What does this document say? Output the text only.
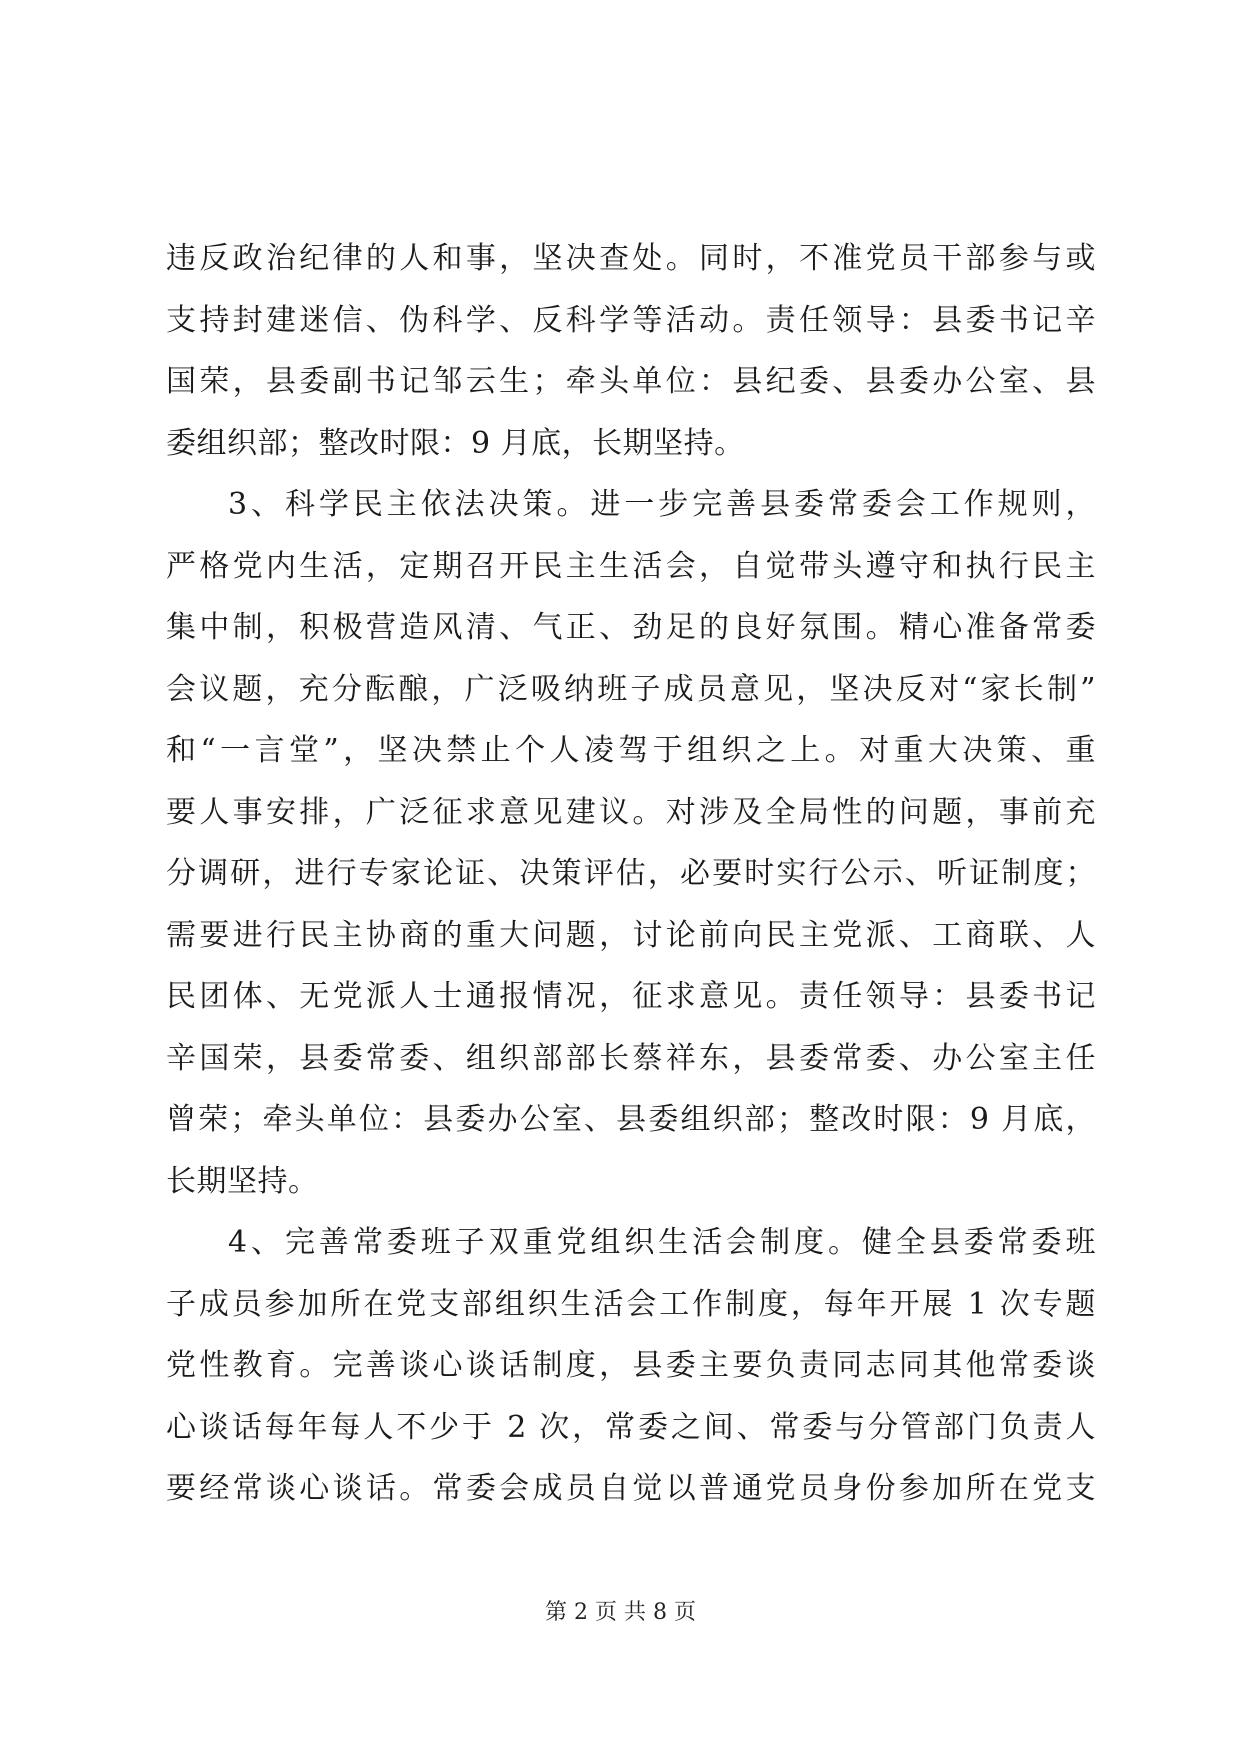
违反政治纪律的人和事，坚决查处。同时，不准党员干部参与或
支持封建迷信、伪科学、反科学等活动。责任领导：县委书记辛
国荣，县委副书记邹云生；牵头单位：县纪委、县委办公室、县
委组织部；整改时限：9 月底，长期坚持。
3、科学民主依法决策。进一步完善县委常委会工作规则，
严格党内生活，定期召开民主生活会，自觉带头遵守和执行民主
集中制，积极营造风清、气正、劲足的良好氛围。精心准备常委
会议题，充分酝酿，广泛吸纳班子成员意见，坚决反对“家长制”
和“一言堂”，坚决禁止个人凌驾于组织之上。对重大决策、重
要人事安排，广泛征求意见建议。对涉及全局性的问题，事前充
分调研，进行专家论证、决策评估，必要时实行公示、听证制度；
需要进行民主协商的重大问题，讨论前向民主党派、工商联、人
民团体、无党派人士通报情况，征求意见。责任领导：县委书记
辛国荣，县委常委、组织部部长蔡祥东，县委常委、办公室主任
曾荣；牵头单位：县委办公室、县委组织部；整改时限：9 月底，
长期坚持。
4、完善常委班子双重党组织生活会制度。健全县委常委班
子成员参加所在党支部组织生活会工作制度，每年开展 1 次专题
党性教育。完善谈心谈话制度，县委主要负责同志同其他常委谈
心谈话每年每人不少于 2 次，常委之间、常委与分管部门负责人
要经常谈心谈话。常委会成员自觉以普通党员身份参加所在党支
第 2 页 共 8 页
